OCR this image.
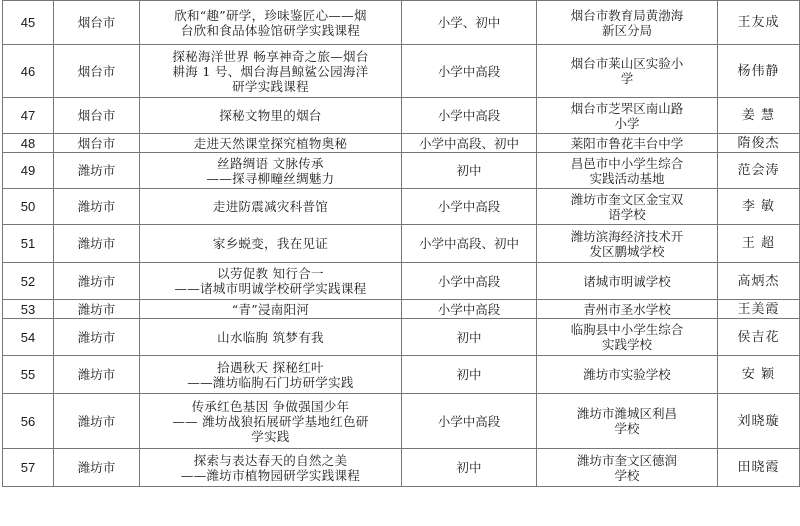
45	烟台市	欣和“趣”研学，珍味鉴匠心——烟
台欣和食品体验馆研学实践课程	小学、初中	烟台市教育局黄渤海
新区分局	王友成
46	烟台市	探秘海洋世界 畅享神奇之旅—烟台
耕海 1 号、烟台海昌鲸鲨公园海洋
研学实践课程	小学中高段	烟台市莱山区实验小
学	杨伟静
47	烟台市	探秘文物里的烟台	小学中高段	烟台市芝罘区南山路
小学	姜 慧
48	烟台市	走进天然课堂探究植物奥秘	小学中高段、初中	莱阳市鲁花丰台中学	隋俊杰
49	潍坊市	丝路绸语 文脉传承
——探寻柳疃丝绸魅力	初中	昌邑市中小学生综合
实践活动基地	范会涛
50	潍坊市	走进防震减灾科普馆	小学中高段	潍坊市奎文区金宝双
语学校	李 敏
51	潍坊市	家乡蜕变，我在见证	小学中高段、初中	潍坊滨海经济技术开
发区鹏城学校	王 超
52	潍坊市	以劳促教 知行合一
——诸城市明诚学校研学实践课程	小学中高段	诸城市明诚学校	高炳杰
53	潍坊市	“青”浸南阳河	小学中高段	青州市圣水学校	王美霞
54	潍坊市	山水临朐 筑梦有我	初中	临朐县中小学生综合
实践学校	侯吉花
55	潍坊市	拾遇秋天 探秘红叶
——潍坊临朐石门坊研学实践	初中	潍坊市实验学校	安 颖
56	潍坊市	传承红色基因 争做强国少年
—— 潍坊战狼拓展研学基地红色研
学实践	小学中高段	潍坊市潍城区利昌
学校	刘晓璇
57	潍坊市	探索与表达春天的自然之美
——潍坊市植物园研学实践课程	初中	潍坊市奎文区德润
学校	田晓霞
